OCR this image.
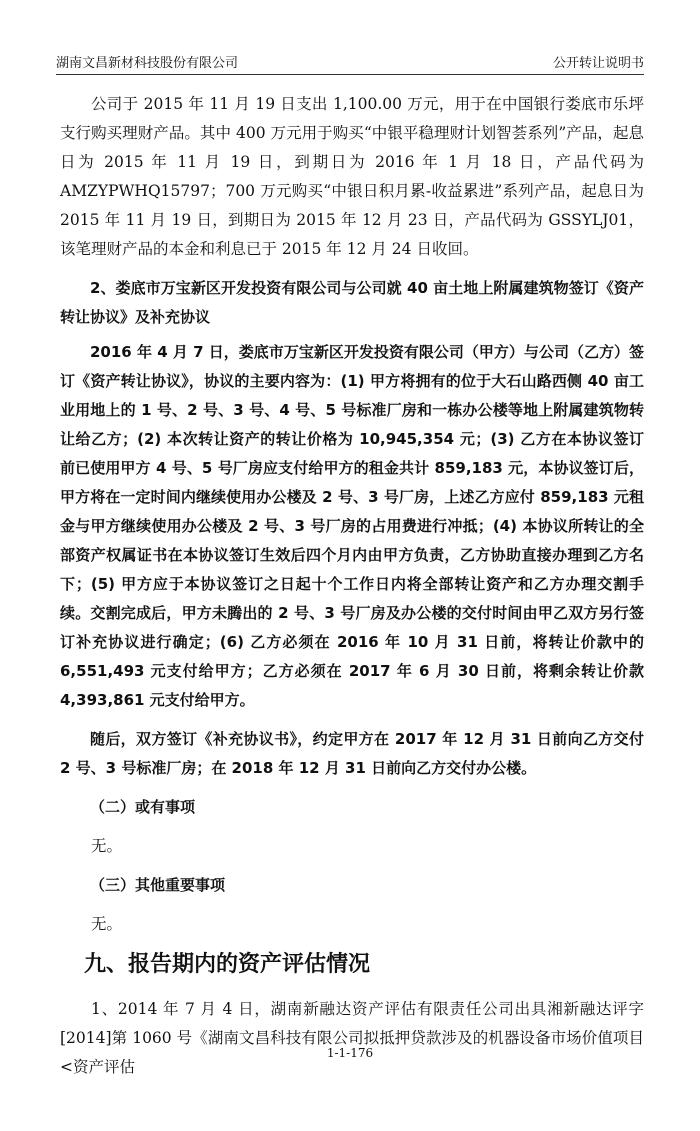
湖南文昌新材科技股份有限公司	公开转让说明书

公司于 2015 年 11 月 19 日支出 1,100.00 万元，用于在中国银行娄底市乐坪支行购买理财产品。其中 400 万元用于购买“中银平稳理财计划智荟系列”产品，起息日为 2015 年 11 月 19 日，到期日为 2016 年 1 月 18 日，产品代码为 AMZYPWHQ15797；700 万元购买“中银日积月累-收益累进”系列产品，起息日为 2015 年 11 月 19 日，到期日为 2015 年 12 月 23 日，产品代码为 GSSYLJ01，该笔理财产品的本金和利息已于 2015 年 12 月 24 日收回。

2、娄底市万宝新区开发投资有限公司与公司就 40 亩土地上附属建筑物签订《资产转让协议》及补充协议

2016 年 4 月 7 日，娄底市万宝新区开发投资有限公司（甲方）与公司（乙方）签订《资产转让协议》，协议的主要内容为：(1) 甲方将拥有的位于大石山路西侧 40 亩工业用地上的 1 号、2 号、3 号、4 号、5 号标准厂房和一栋办公楼等地上附属建筑物转让给乙方；(2) 本次转让资产的转让价格为 10,945,354 元；(3) 乙方在本协议签订前已使用甲方 4 号、5 号厂房应支付给甲方的租金共计 859,183 元，本协议签订后，甲方将在一定时间内继续使用办公楼及 2 号、3 号厂房，上述乙方应付 859,183 元租金与甲方继续使用办公楼及 2 号、3 号厂房的占用费进行冲抵；(4) 本协议所转让的全部资产权属证书在本协议签订生效后四个月内由甲方负责，乙方协助直接办理到乙方名下；(5) 甲方应于本协议签订之日起十个工作日内将全部转让资产和乙方办理交割手续。交割完成后，甲方未腾出的 2 号、3 号厂房及办公楼的交付时间由甲乙双方另行签订补充协议进行确定；(6) 乙方必须在 2016 年 10 月 31 日前，将转让价款中的 6,551,493 元支付给甲方；乙方必须在 2017 年 6 月 30 日前，将剩余转让价款 4,393,861 元支付给甲方。

随后，双方签订《补充协议书》，约定甲方在 2017 年 12 月 31 日前向乙方交付 2 号、3 号标准厂房；在 2018 年 12 月 31 日前向乙方交付办公楼。

（二）或有事项

无。

（三）其他重要事项

无。

九、报告期内的资产评估情况

1、2014 年 7 月 4 日，湖南新融达资产评估有限责任公司出具湘新融达评字[2014]第 1060 号《湖南文昌科技有限公司拟抵押贷款涉及的机器设备市场价值项目<资产评估

1-1-176
